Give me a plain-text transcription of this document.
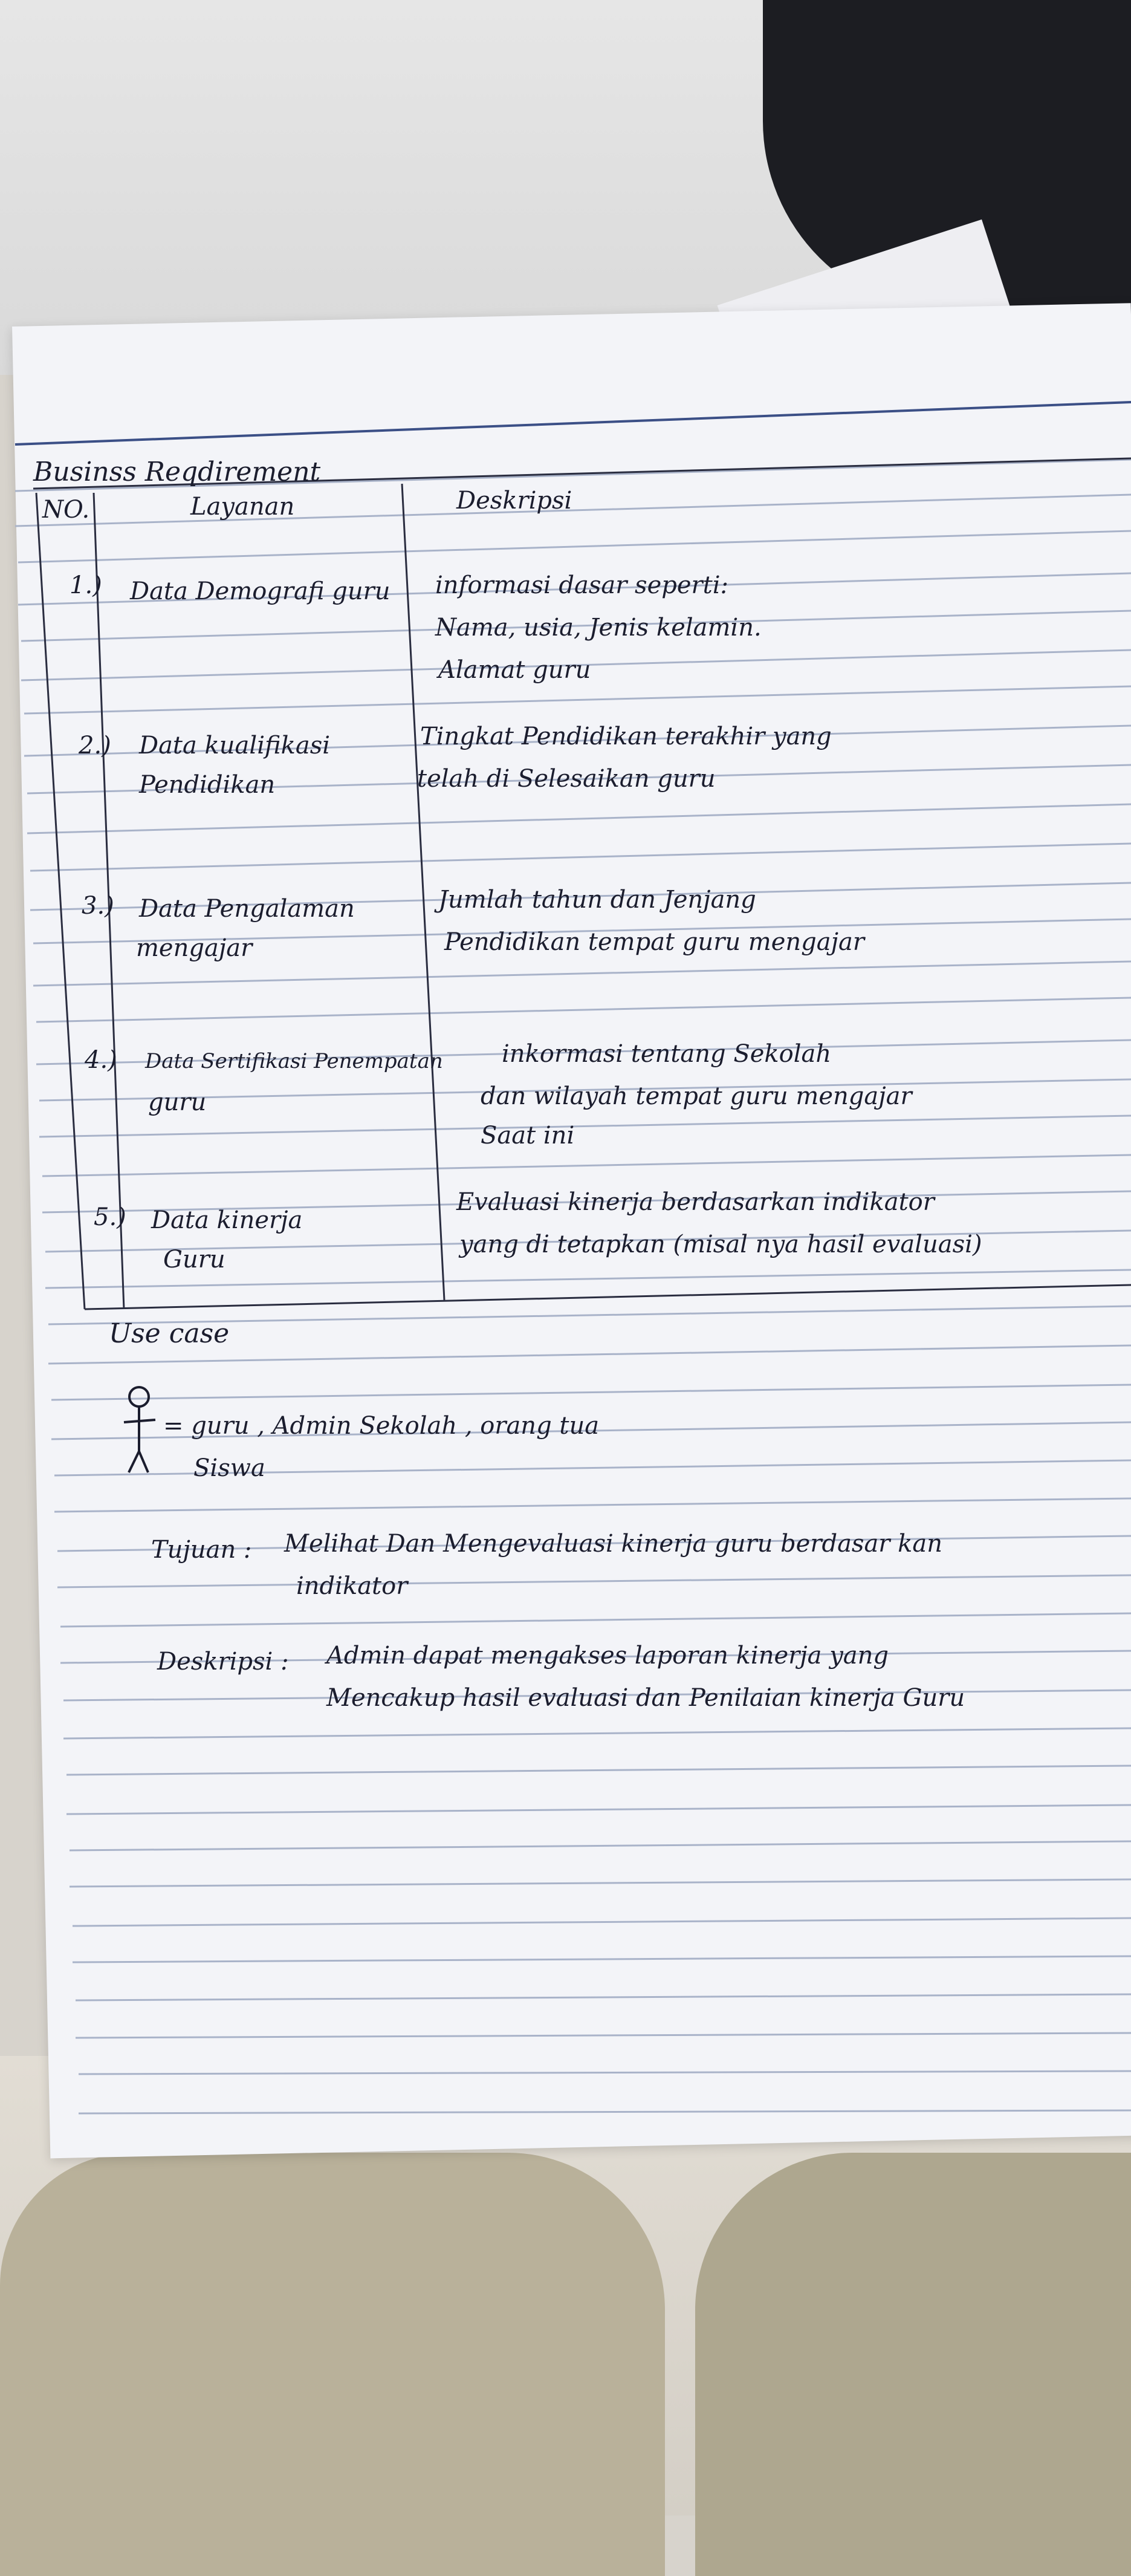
Businss Reqdirement
NO.	Layanan	Deskripsi
1.) Data Demografi guru informasi dasar seperti:
Nama, usia, Jenis kelamin.
Alamat guru
2.) Data kualifikasi
Pendidikan
Tingkat Pendidikan terakhir yang
telah di Selesaikan guru
3.) Data Pengalaman
mengajar
Jumlah tahun dan Jenjang
Pendidikan tempat guru mengajar
4.) Data Sertifikasi Penempatan
guru
inkormasi tentang Sekolah
dan wilayah tempat guru mengajar
Saat ini
5.) Data kinerja
Guru
Evaluasi kinerja berdasarkan indikator
yang di tetapkan (misal nya hasil evaluasi)
Use case
= guru , Admin Sekolah , orang tua
Siswa
Tujuan : Melihat Dan Mengevaluasi kinerja guru berdasar kan
indikator
Deskripsi : Admin dapat mengakses laporan kinerja yang
Mencakup hasil evaluasi dan Penilaian kinerja Guru
